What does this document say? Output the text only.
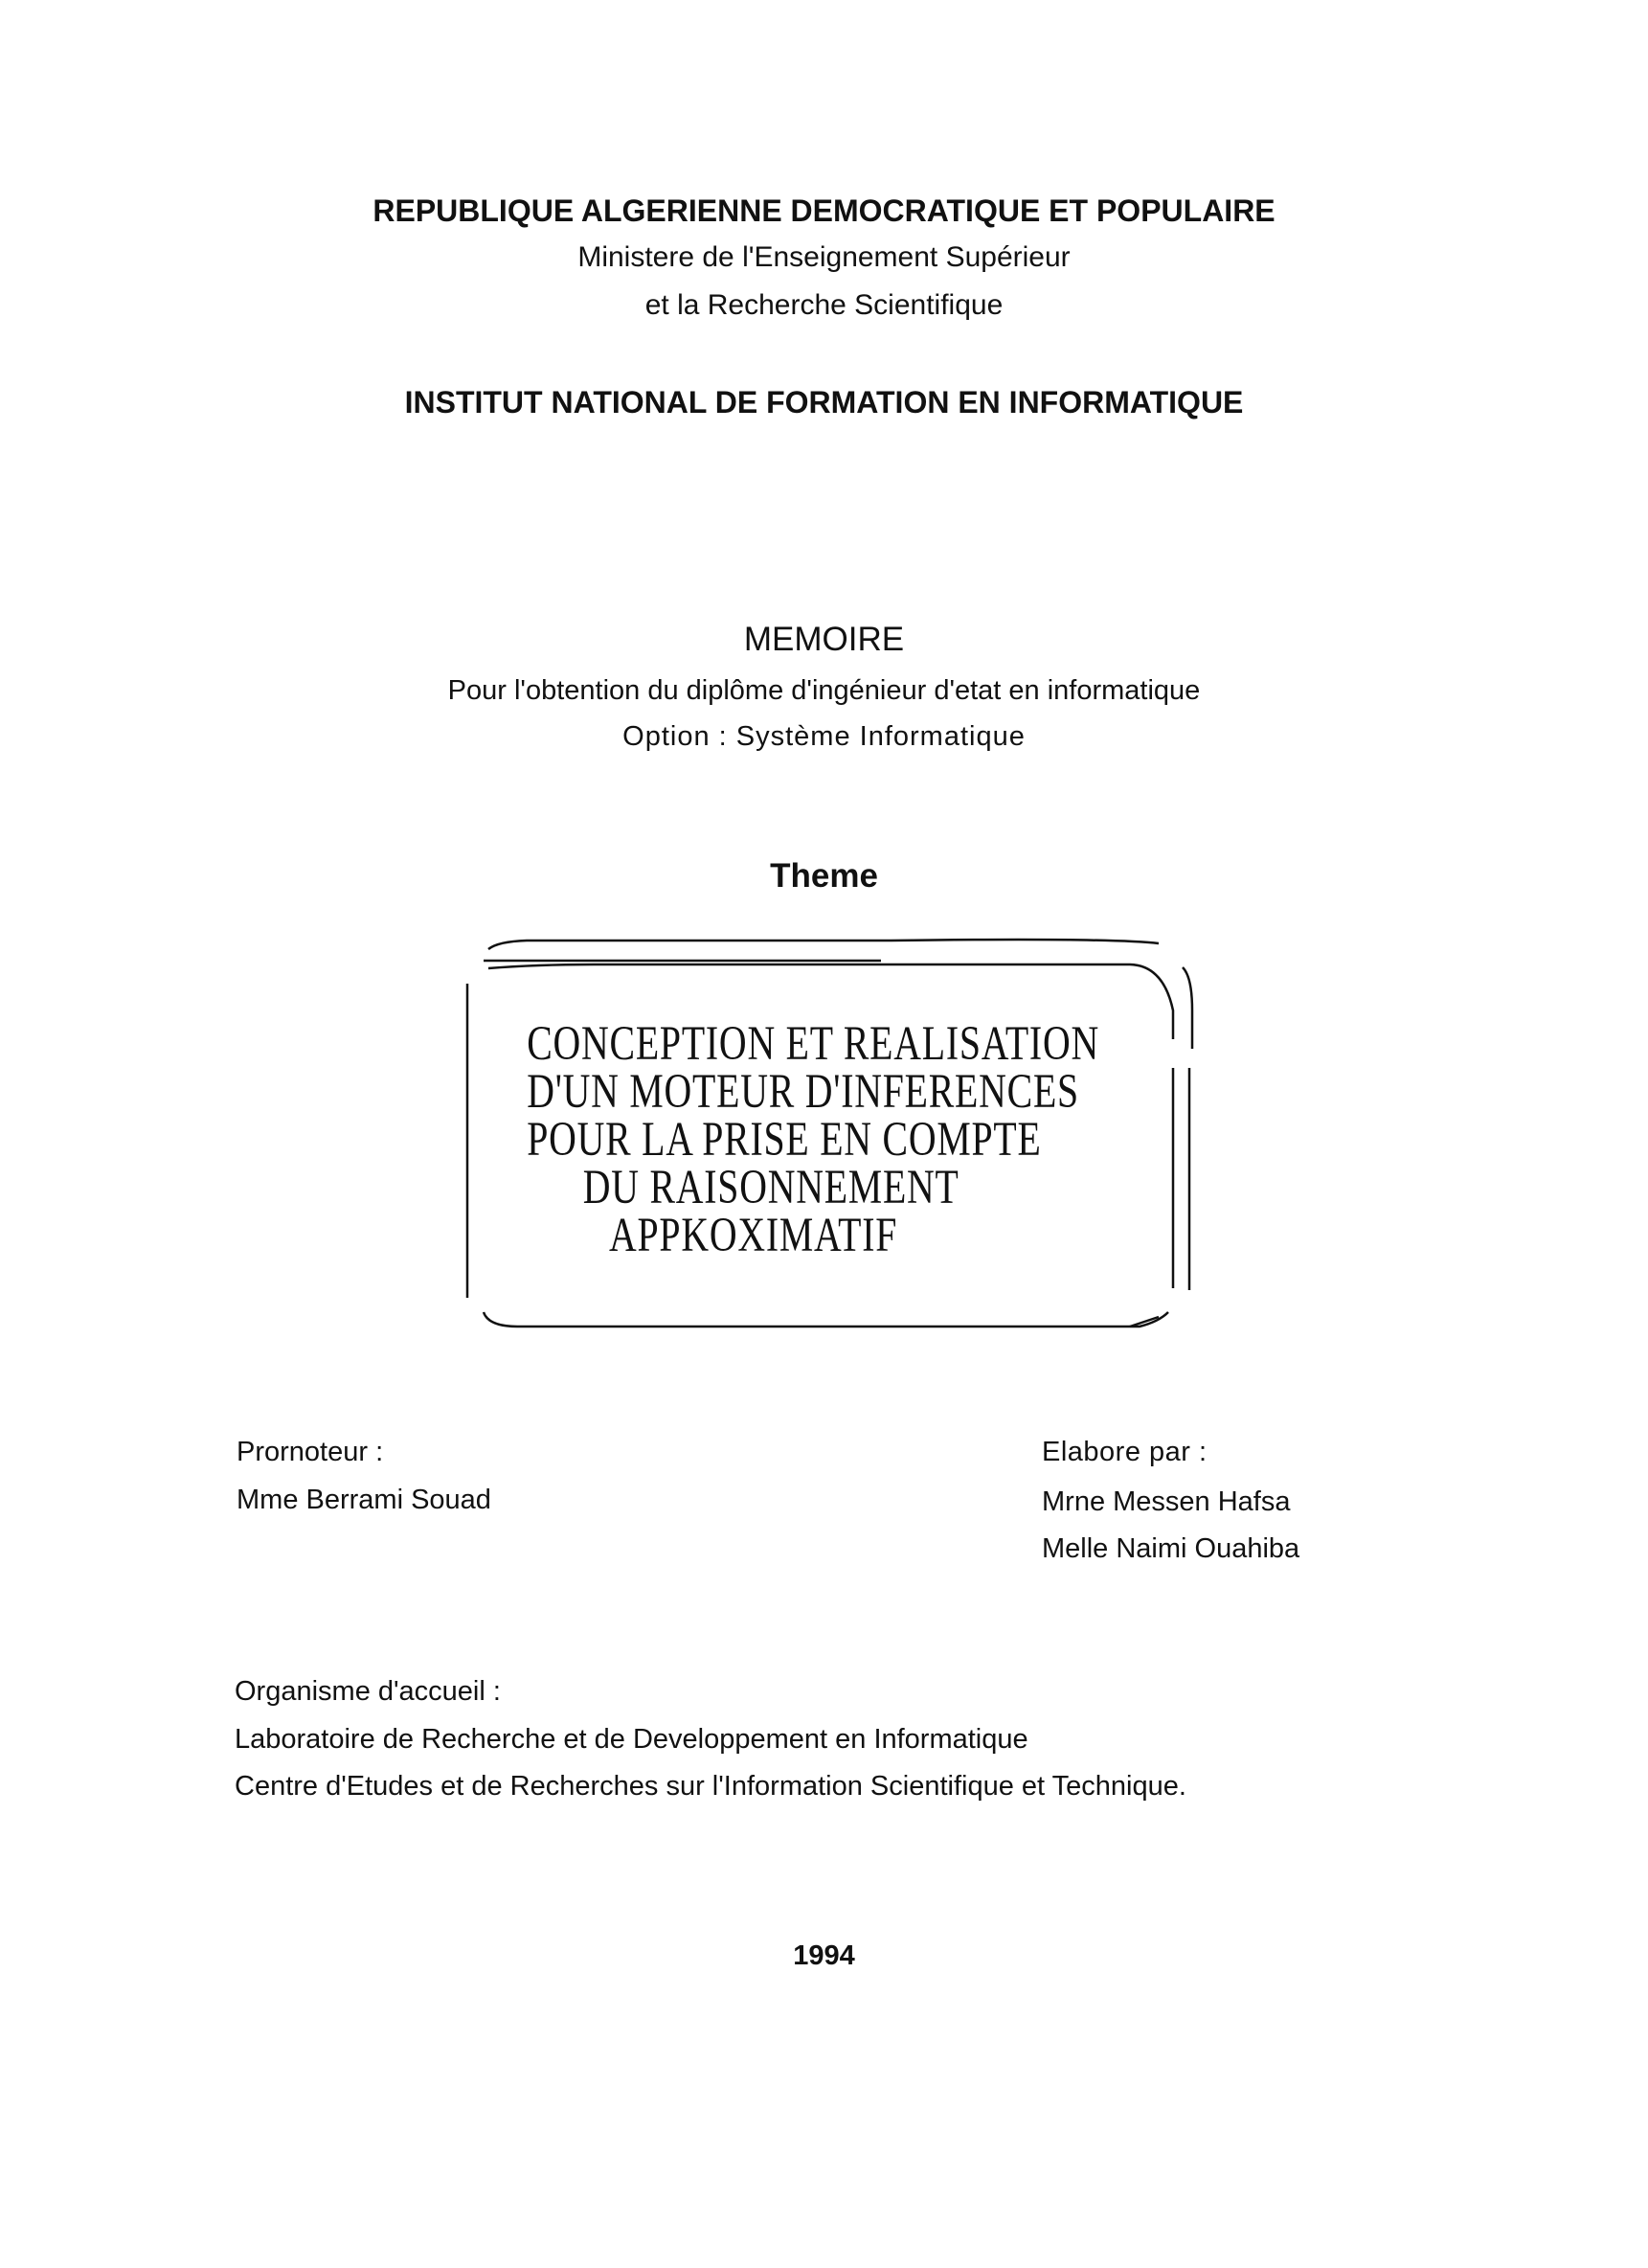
REPUBLIQUE ALGERIENNE DEMOCRATIQUE ET POPULAIRE
Ministere de l'Enseignement Supérieur
et la Recherche Scientifique
INSTITUT NATIONAL DE FORMATION EN INFORMATIQUE
MEMOIRE
Pour l'obtention du diplôme d'ingénieur d'etat en informatique
Option : Système Informatique
Theme
CONCEPTION ET REALISATION
D'UN MOTEUR D'INFERENCES
POUR LA PRISE EN COMPTE
DU RAISONNEMENT
APPKOXIMATIF
Prornoteur :
Mme Berrami Souad
Elabore par :
Mrne Messen Hafsa
Melle Naimi Ouahiba
Organisme d'accueil :
Laboratoire de Recherche et de Developpement en Informatique
Centre d'Etudes et de Recherches sur l'Information Scientifique et Technique.
1994
